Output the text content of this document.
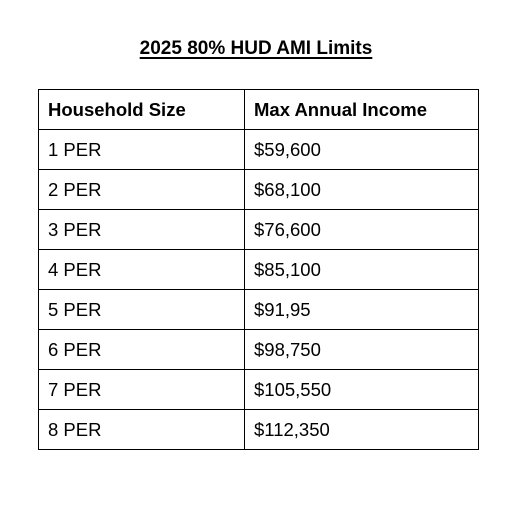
2025 80% HUD AMI Limits
Household Size	Max Annual Income
1 PER	$59,600
2 PER	$68,100
3 PER	$76,600
4 PER	$85,100
5 PER	$91,95
6 PER	$98,750
7 PER	$105,550
8 PER	$112,350
